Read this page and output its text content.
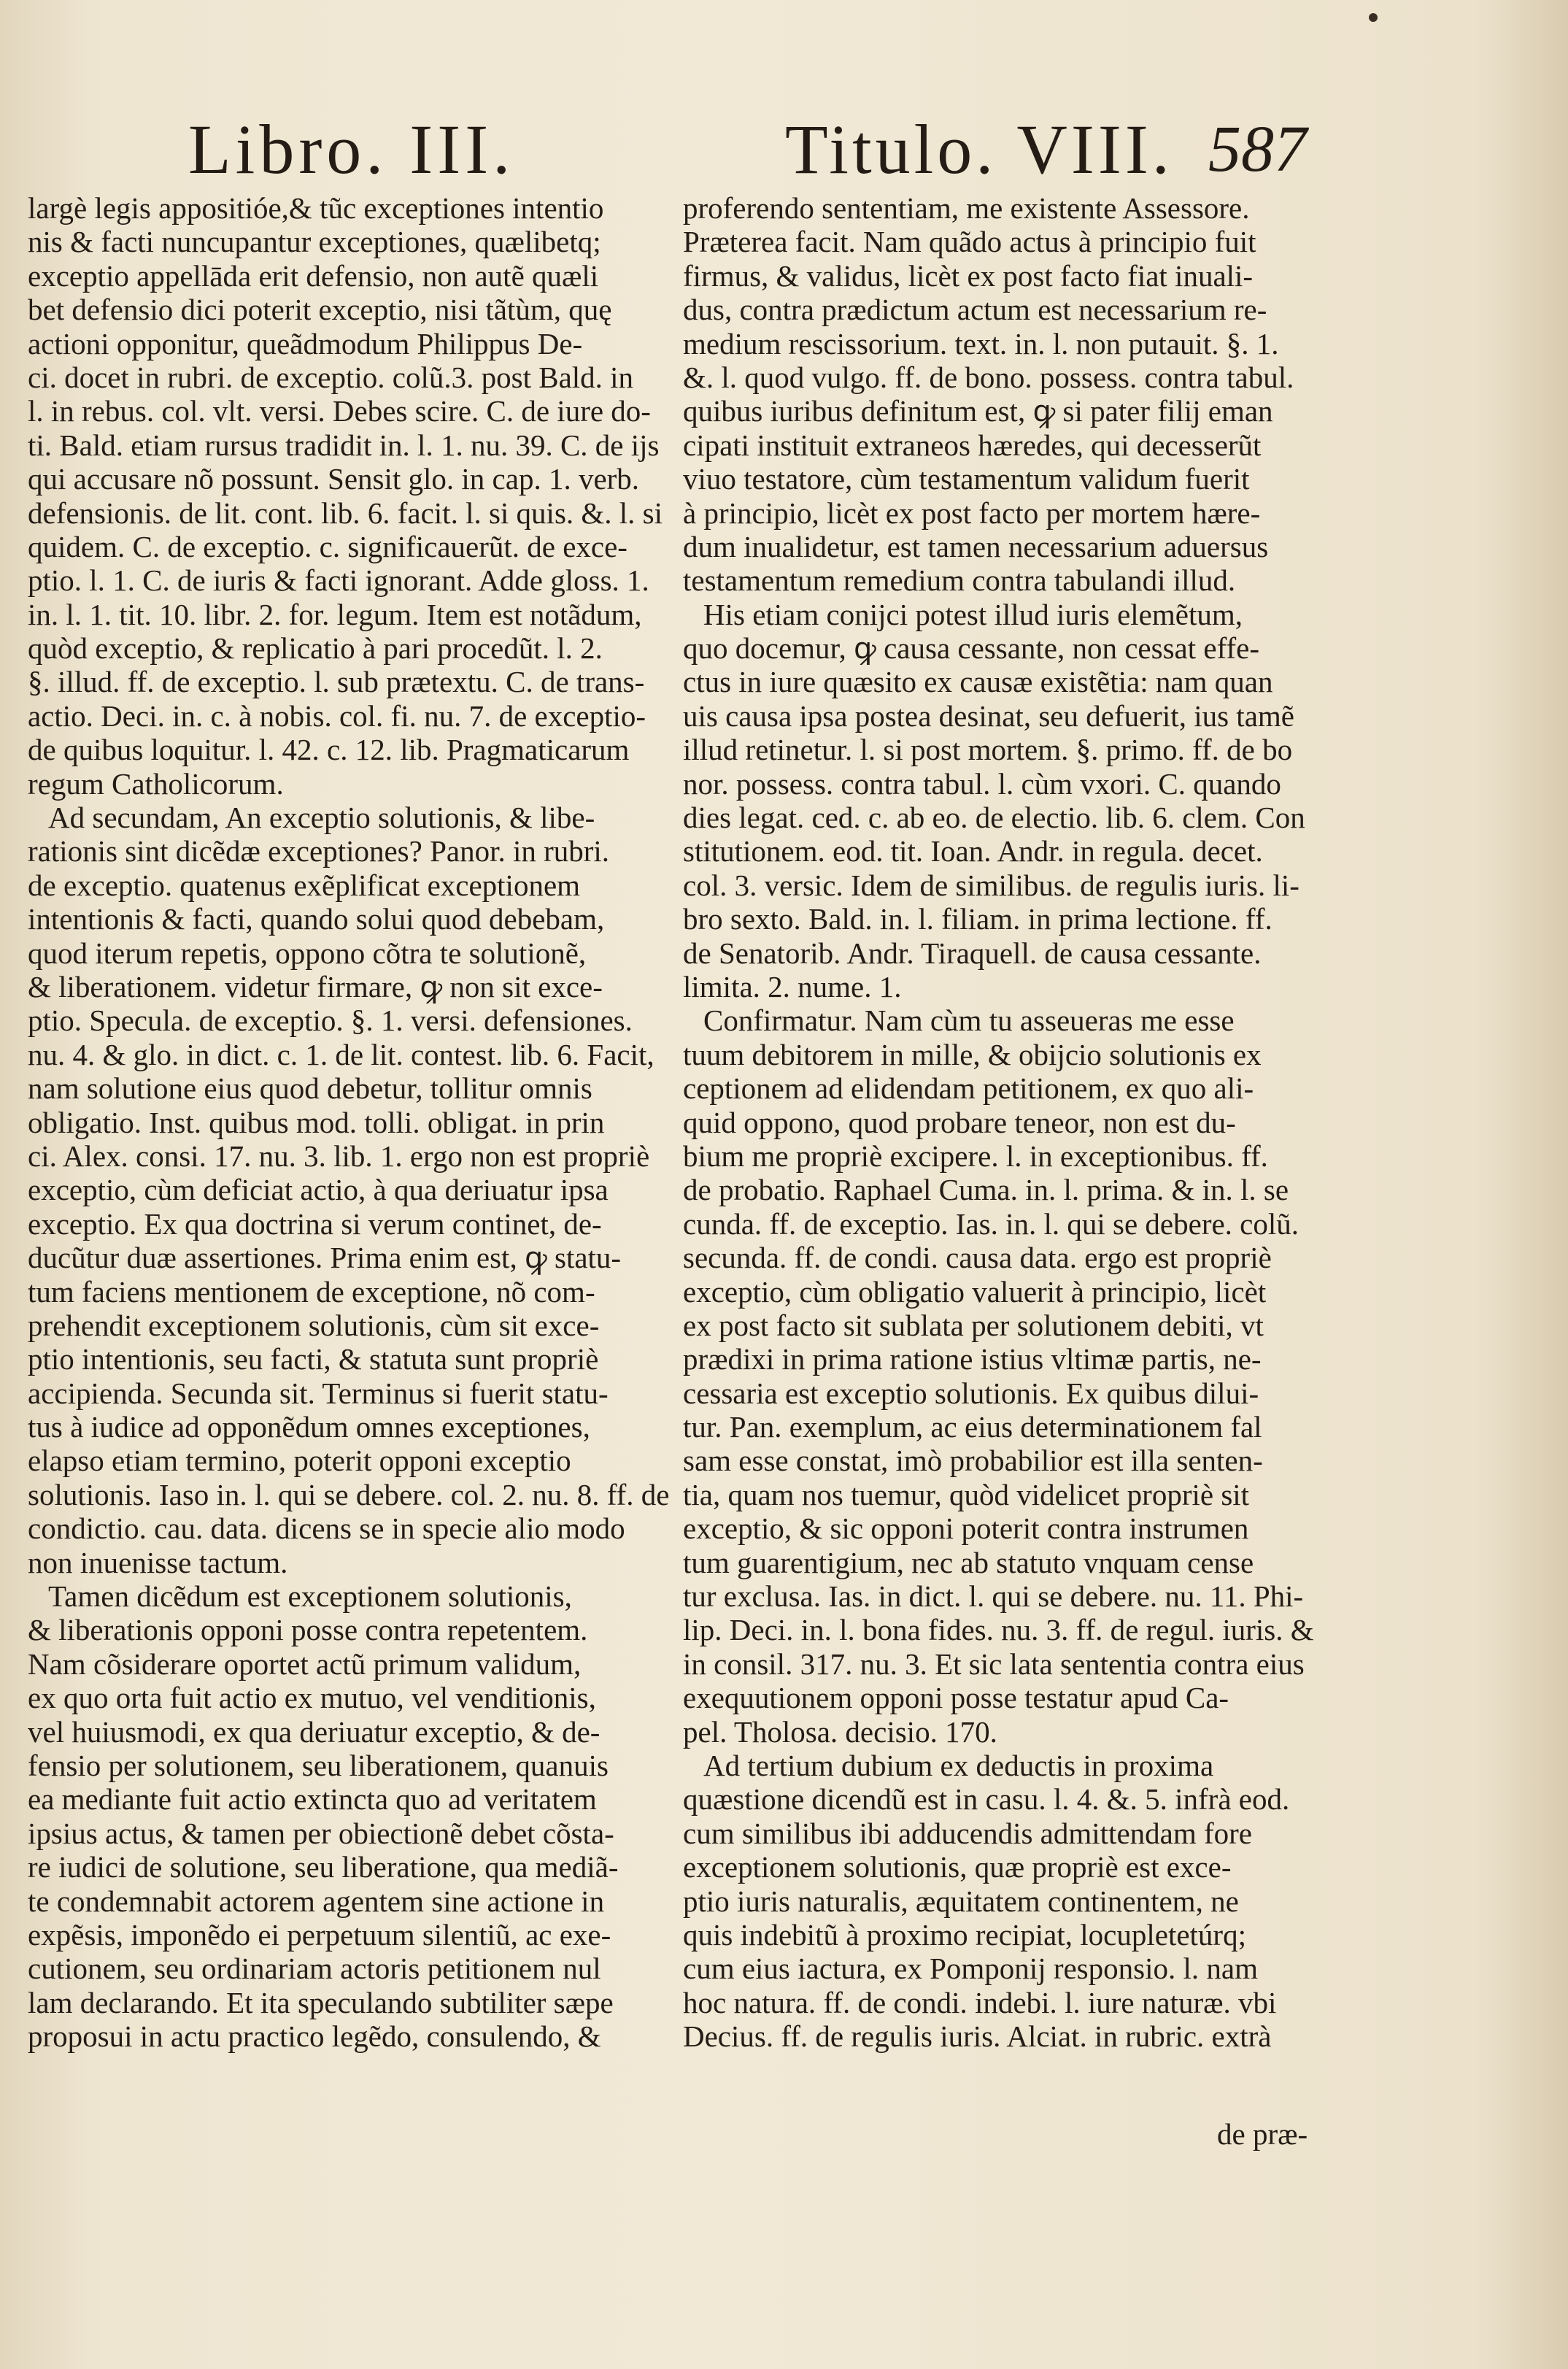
Libro. III.	Titulo. VIII. 587
largè legis appositióe,& tũc exceptiones intentio
nis & facti nuncupantur exceptiones, quælibetq;
exceptio appellāda erit defensio, non autẽ quæli
bet defensio dici poterit exceptio, nisi tãtùm, quę
actioni opponitur, queãdmodum Philippus De-
ci. docet in rubri. de exceptio. colũ.3. post Bald. in
l. in rebus. col. vlt. versi. Debes scire. C. de iure do-
ti. Bald. etiam rursus tradidit in. l. 1. nu. 39. C. de ijs
qui accusare nõ possunt. Sensit glo. in cap. 1. verb.
defensionis. de lit. cont. lib. 6. facit. l. si quis. &. l. si
quidem. C. de exceptio. c. significauerũt. de exce-
ptio. l. 1. C. de iuris & facti ignorant. Adde gloss. 1.
in. l. 1. tit. 10. libr. 2. for. legum. Item est notãdum,
quòd exceptio, & replicatio à pari procedũt. l. 2.
§. illud. ff. de exceptio. l. sub prætextu. C. de trans-
actio. Deci. in. c. à nobis. col. fi. nu. 7. de exceptio-
de quibus loquitur. l. 42. c. 12. lib. Pragmaticarum
regum Catholicorum.
Ad secundam, An exceptio solutionis, & libe-
rationis sint dicẽdæ exceptiones? Panor. in rubri.
de exceptio. quatenus exẽplificat exceptionem
intentionis & facti, quando solui quod debebam,
quod iterum repetis, oppono cõtra te solutionẽ,
& liberationem. videtur firmare, ꝙ non sit exce-
ptio. Specula. de exceptio. §. 1. versi. defensiones.
nu. 4. & glo. in dict. c. 1. de lit. contest. lib. 6. Facit,
nam solutione eius quod debetur, tollitur omnis
obligatio. Inst. quibus mod. tolli. obligat. in prin
ci. Alex. consi. 17. nu. 3. lib. 1. ergo non est propriè
exceptio, cùm deficiat actio, à qua deriuatur ipsa
exceptio. Ex qua doctrina si verum continet, de-
ducũtur duæ assertiones. Prima enim est, ꝙ statu-
tum faciens mentionem de exceptione, nõ com-
prehendit exceptionem solutionis, cùm sit exce-
ptio intentionis, seu facti, & statuta sunt propriè
accipienda. Secunda sit. Terminus si fuerit statu-
tus à iudice ad opponẽdum omnes exceptiones,
elapso etiam termino, poterit opponi exceptio
solutionis. Iaso in. l. qui se debere. col. 2. nu. 8. ff. de
condictio. cau. data. dicens se in specie alio modo
non inuenisse tactum.
Tamen dicẽdum est exceptionem solutionis,
& liberationis opponi posse contra repetentem.
Nam cõsiderare oportet actũ primum validum,
ex quo orta fuit actio ex mutuo, vel venditionis,
vel huiusmodi, ex qua deriuatur exceptio, & de-
fensio per solutionem, seu liberationem, quanuis
ea mediante fuit actio extincta quo ad veritatem
ipsius actus, & tamen per obiectionẽ debet cõsta-
re iudici de solutione, seu liberatione, qua mediã-
te condemnabit actorem agentem sine actione in
expẽsis, imponẽdo ei perpetuum silentiũ, ac exe-
cutionem, seu ordinariam actoris petitionem nul
lam declarando. Et ita speculando subtiliter sæpe
proposui in actu practico legẽdo, consulendo, &
proferendo sententiam, me existente Assessore.
Præterea facit. Nam quãdo actus à principio fuit
firmus, & validus, licèt ex post facto fiat inuali-
dus, contra prædictum actum est necessarium re-
medium rescissorium. text. in. l. non putauit. §. 1.
&. l. quod vulgo. ff. de bono. possess. contra tabul.
quibus iuribus definitum est, ꝙ si pater filij eman
cipati instituit extraneos hæredes, qui decesserũt
viuo testatore, cùm testamentum validum fuerit
à principio, licèt ex post facto per mortem hære-
dum inualidetur, est tamen necessarium aduersus
testamentum remedium contra tabulandi illud.
His etiam conijci potest illud iuris elemẽtum,
quo docemur, ꝙ causa cessante, non cessat effe-
ctus in iure quæsito ex causæ existẽtia: nam quan
uis causa ipsa postea desinat, seu defuerit, ius tamẽ
illud retinetur. l. si post mortem. §. primo. ff. de bo
nor. possess. contra tabul. l. cùm vxori. C. quando
dies legat. ced. c. ab eo. de electio. lib. 6. clem. Con
stitutionem. eod. tit. Ioan. Andr. in regula. decet.
col. 3. versic. Idem de similibus. de regulis iuris. li-
bro sexto. Bald. in. l. filiam. in prima lectione. ff.
de Senatorib. Andr. Tiraquell. de causa cessante.
limita. 2. nume. 1.
Confirmatur. Nam cùm tu asseueras me esse
tuum debitorem in mille, & obijcio solutionis ex
ceptionem ad elidendam petitionem, ex quo ali-
quid oppono, quod probare teneor, non est du-
bium me propriè excipere. l. in exceptionibus. ff.
de probatio. Raphael Cuma. in. l. prima. & in. l. se
cunda. ff. de exceptio. Ias. in. l. qui se debere. colũ.
secunda. ff. de condi. causa data. ergo est propriè
exceptio, cùm obligatio valuerit à principio, licèt
ex post facto sit sublata per solutionem debiti, vt
prædixi in prima ratione istius vltimæ partis, ne-
cessaria est exceptio solutionis. Ex quibus dilui-
tur. Pan. exemplum, ac eius determinationem fal
sam esse constat, imò probabilior est illa senten-
tia, quam nos tuemur, quòd videlicet propriè sit
exceptio, & sic opponi poterit contra instrumen
tum guarentigium, nec ab statuto vnquam cense
tur exclusa. Ias. in dict. l. qui se debere. nu. 11. Phi-
lip. Deci. in. l. bona fides. nu. 3. ff. de regul. iuris. &
in consil. 317. nu. 3. Et sic lata sententia contra eius
exequutionem opponi posse testatur apud Ca-
pel. Tholosa. decisio. 170.
Ad tertium dubium ex deductis in proxima
quæstione dicendũ est in casu. l. 4. &. 5. infrà eod.
cum similibus ibi adducendis admittendam fore
exceptionem solutionis, quæ propriè est exce-
ptio iuris naturalis, æquitatem continentem, ne
quis indebitũ à proximo recipiat, locupletetúrq;
cum eius iactura, ex Pomponij responsio. l. nam
hoc natura. ff. de condi. indebi. l. iure naturæ. vbi
Decius. ff. de regulis iuris. Alciat. in rubric. extrà
de præ-
